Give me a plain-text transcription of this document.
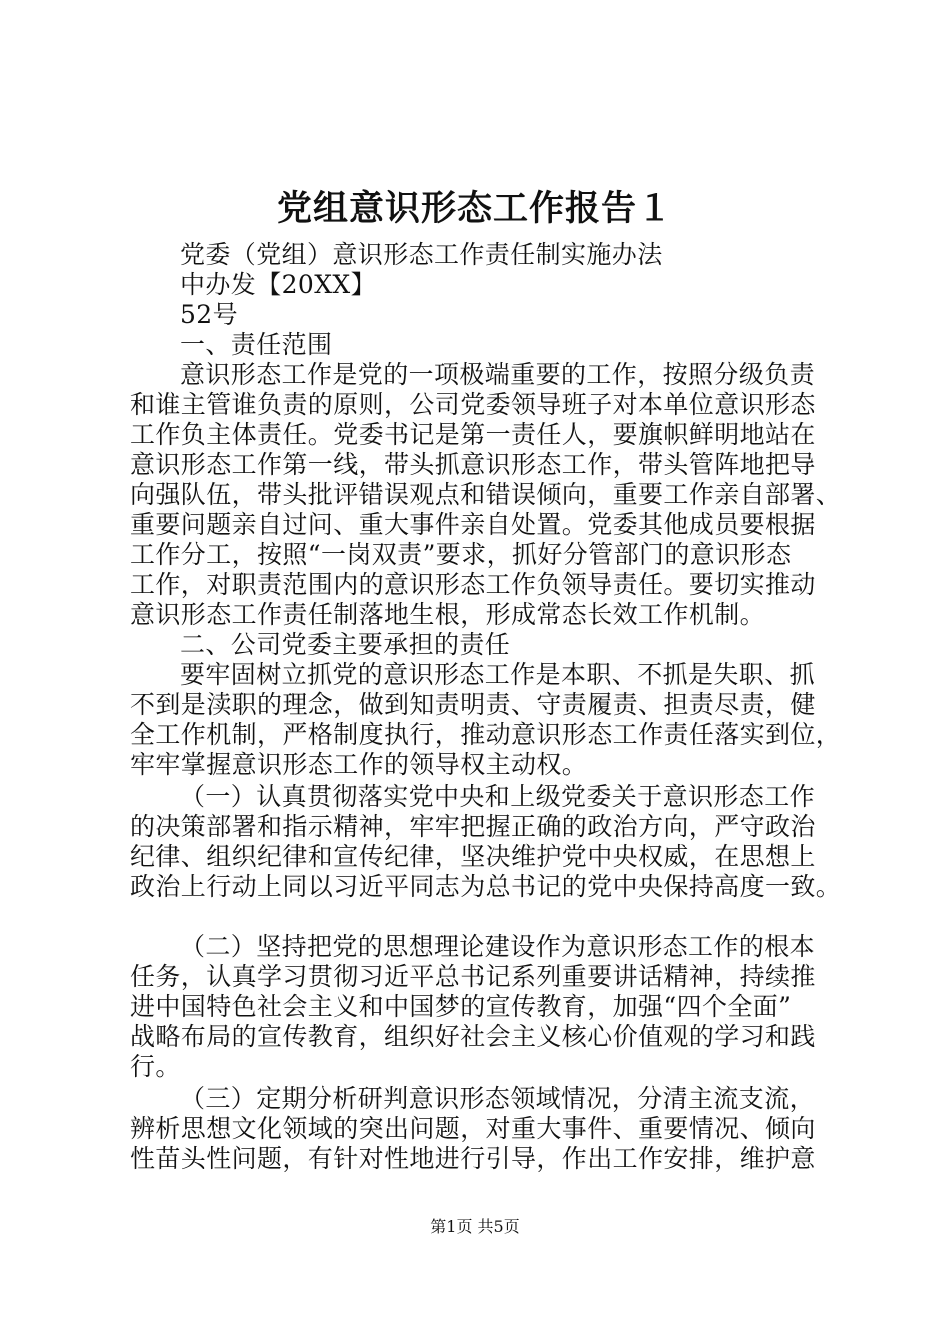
党组意识形态工作报告１
党委（党组）意识形态工作责任制实施办法
中办发【20XX】
52号
一、责任范围
意识形态工作是党的一项极端重要的工作，按照分级负责
和谁主管谁负责的原则，公司党委领导班子对本单位意识形态
工作负主体责任。党委书记是第一责任人，要旗帜鲜明地站在
意识形态工作第一线，带头抓意识形态工作，带头管阵地把导
向强队伍，带头批评错误观点和错误倾向，重要工作亲自部署、
重要问题亲自过问、重大事件亲自处置。党委其他成员要根据
工作分工，按照“一岗双责”要求，抓好分管部门的意识形态
工作，对职责范围内的意识形态工作负领导责任。要切实推动
意识形态工作责任制落地生根，形成常态长效工作机制。
二、公司党委主要承担的责任
要牢固树立抓党的意识形态工作是本职、不抓是失职、抓
不到是渎职的理念，做到知责明责、守责履责、担责尽责，健
全工作机制，严格制度执行，推动意识形态工作责任落实到位，
牢牢掌握意识形态工作的领导权主动权。
（一）认真贯彻落实党中央和上级党委关于意识形态工作
的决策部署和指示精神，牢牢把握正确的政治方向，严守政治
纪律、组织纪律和宣传纪律，坚决维护党中央权威，在思想上
政治上行动上同以习近平同志为总书记的党中央保持高度一致。
（二）坚持把党的思想理论建设作为意识形态工作的根本
任务，认真学习贯彻习近平总书记系列重要讲话精神，持续推
进中国特色社会主义和中国梦的宣传教育，加强“四个全面”
战略布局的宣传教育，组织好社会主义核心价值观的学习和践
行。
（三）定期分析研判意识形态领域情况，分清主流支流，
辨析思想文化领域的突出问题，对重大事件、重要情况、倾向
性苗头性问题，有针对性地进行引导，作出工作安排，维护意
第1页 共5页
